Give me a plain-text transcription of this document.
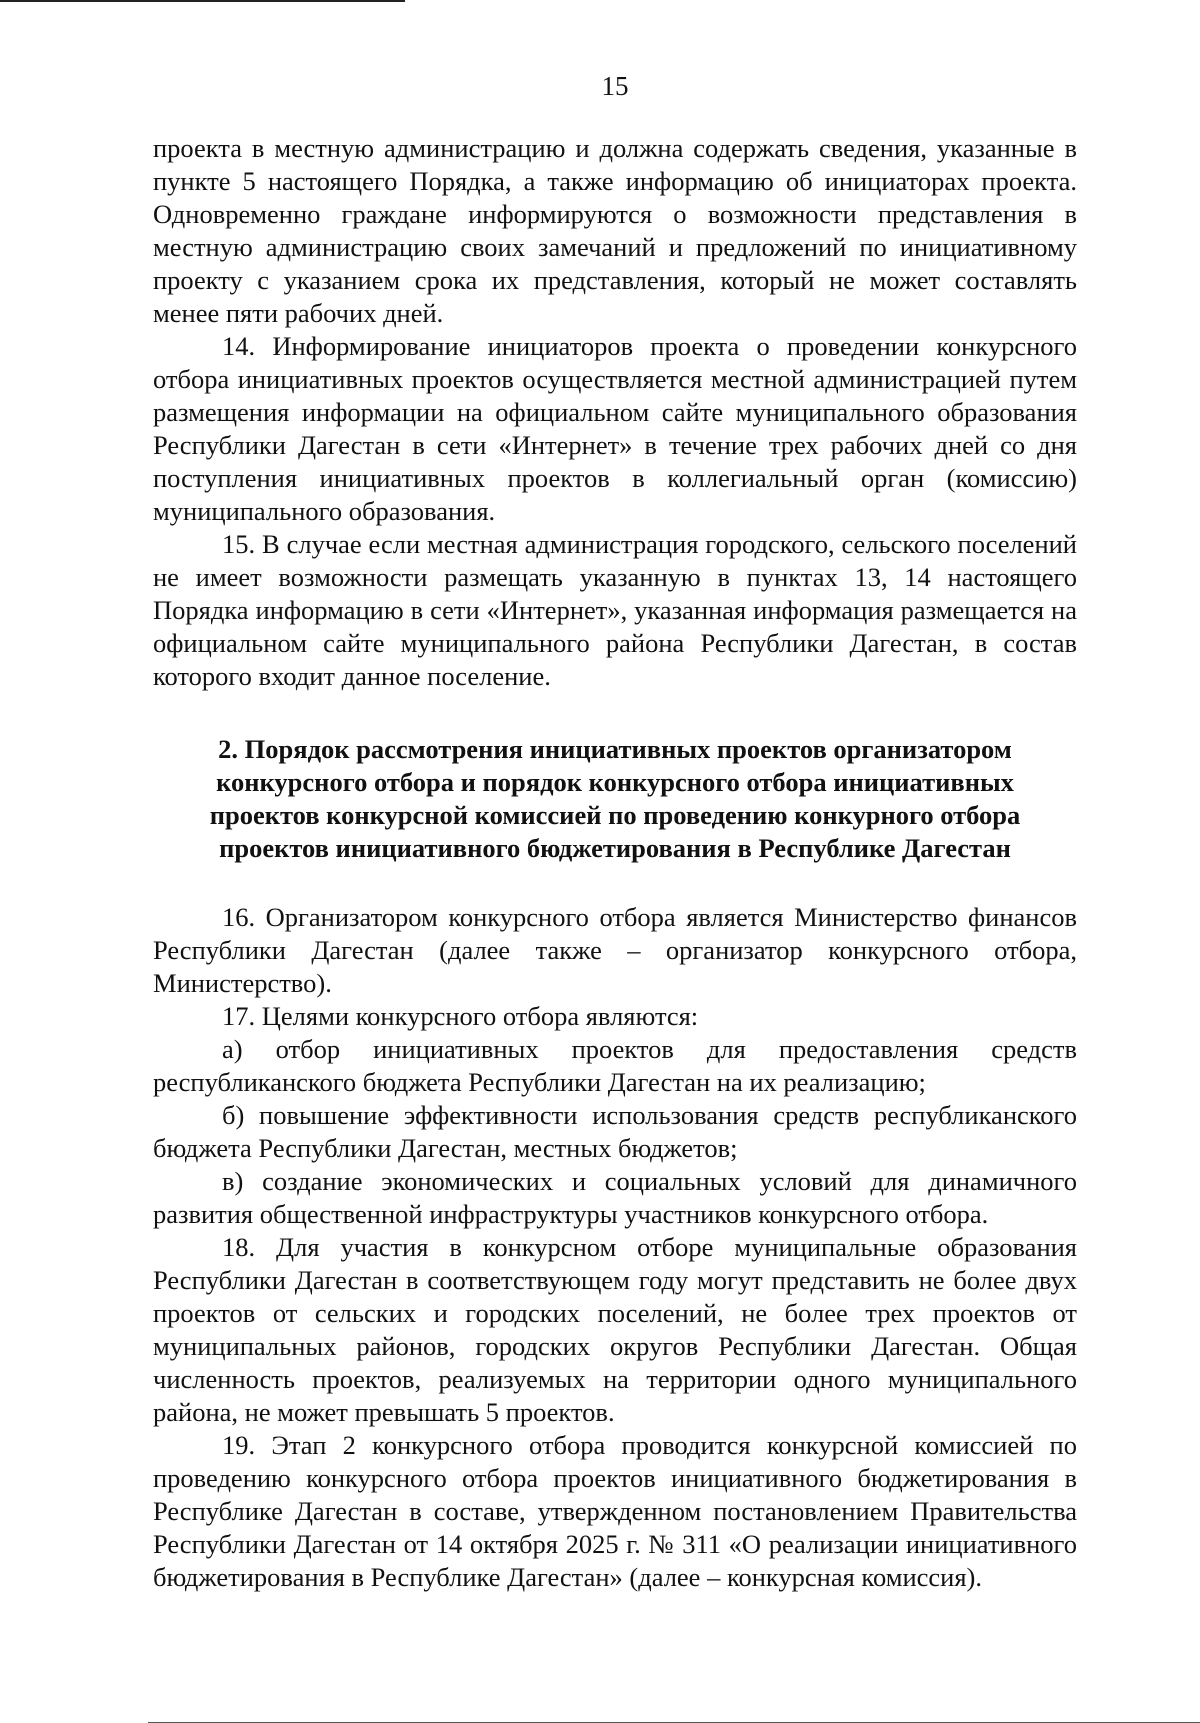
15

проекта в местную администрацию и должна содержать сведения, указанные в пункте 5 настоящего Порядка, а также информацию об инициаторах проекта. Одновременно граждане информируются о возможности представления в местную администрацию своих замечаний и предложений по инициативному проекту с указанием срока их представления, который не может составлять менее пяти рабочих дней.

14. Информирование инициаторов проекта о проведении конкурсного отбора инициативных проектов осуществляется местной администрацией путем размещения информации на официальном сайте муниципального образования Республики Дагестан в сети «Интернет» в течение трех рабочих дней со дня поступления инициативных проектов в коллегиальный орган (комиссию) муниципального образования.

15. В случае если местная администрация городского, сельского поселений не имеет возможности размещать указанную в пунктах 13, 14 настоящего Порядка информацию в сети «Интернет», указанная информация размещается на официальном сайте муниципального района Республики Дагестан, в состав которого входит данное поселение.

2. Порядок рассмотрения инициативных проектов организатором конкурсного отбора и порядок конкурсного отбора инициативных проектов конкурсной комиссией по проведению конкурного отбора проектов инициативного бюджетирования в Республике Дагестан

16. Организатором конкурсного отбора является Министерство финансов Республики Дагестан (далее также – организатор конкурсного отбора, Министерство).

17. Целями конкурсного отбора являются:

а) отбор инициативных проектов для предоставления средств республиканского бюджета Республики Дагестан на их реализацию;

б) повышение эффективности использования средств республиканского бюджета Республики Дагестан, местных бюджетов;

в) создание экономических и социальных условий для динамичного развития общественной инфраструктуры участников конкурсного отбора.

18. Для участия в конкурсном отборе муниципальные образования Республики Дагестан в соответствующем году могут представить не более двух проектов от сельских и городских поселений, не более трех проектов от муниципальных районов, городских округов Республики Дагестан. Общая численность проектов, реализуемых на территории одного муниципального района, не может превышать 5 проектов.

19. Этап 2 конкурсного отбора проводится конкурсной комиссией по проведению конкурсного отбора проектов инициативного бюджетирования в Республике Дагестан в составе, утвержденном постановлением Правительства Республики Дагестан от 14 октября 2025 г. № 311 «О реализации инициативного бюджетирования в Республике Дагестан» (далее – конкурсная комиссия).
